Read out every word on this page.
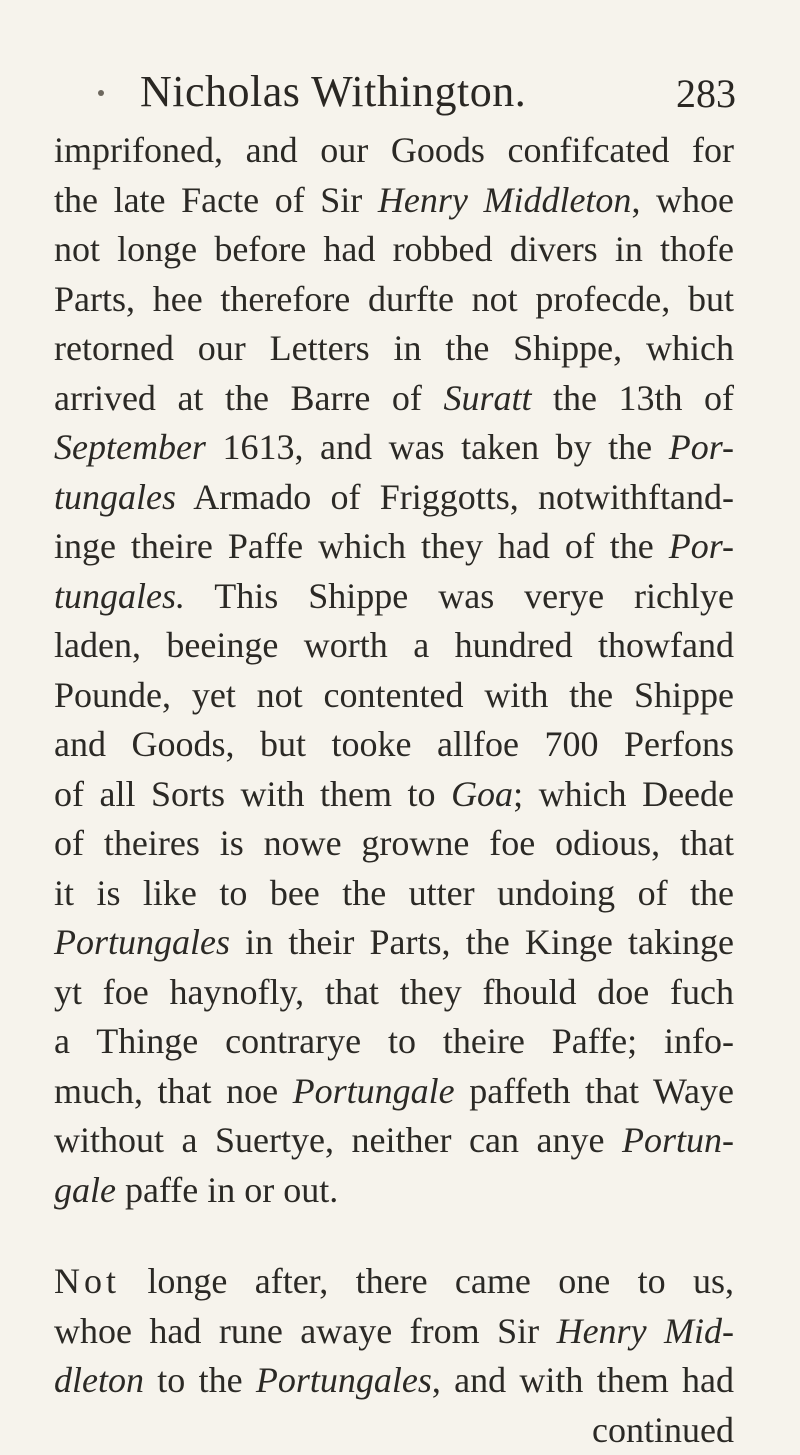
Nicholas Withington.	283
imprifoned, and our Goods confifcated for
the late Facte of Sir Henry Middleton, whoe
not longe before had robbed divers in thofe
Parts, hee therefore durfte not profecde, but
retorned our Letters in the Shippe, which
arrived at the Barre of Suratt the 13th of
September 1613, and was taken by the Por-
tungales Armado of Friggotts, notwithftand-
inge theire Paffe which they had of the Por-
tungales. This Shippe was verye richlye
laden, beeinge worth a hundred thowfand
Pounde, yet not contented with the Shippe
and Goods, but tooke allfoe 700 Perfons
of all Sorts with them to Goa; which Deede
of theires is nowe growne foe odious, that
it is like to bee the utter undoing of the
Portungales in their Parts, the Kinge takinge
yt foe haynofly, that they fhould doe fuch
a Thinge contrarye to theire Paffe; info-
much, that noe Portungale paffeth that Waye
without a Suertye, neither can anye Portun-
gale paffe in or out.
Not longe after, there came one to us,
whoe had rune awaye from Sir Henry Mid-
dleton to the Portungales, and with them had
continued
